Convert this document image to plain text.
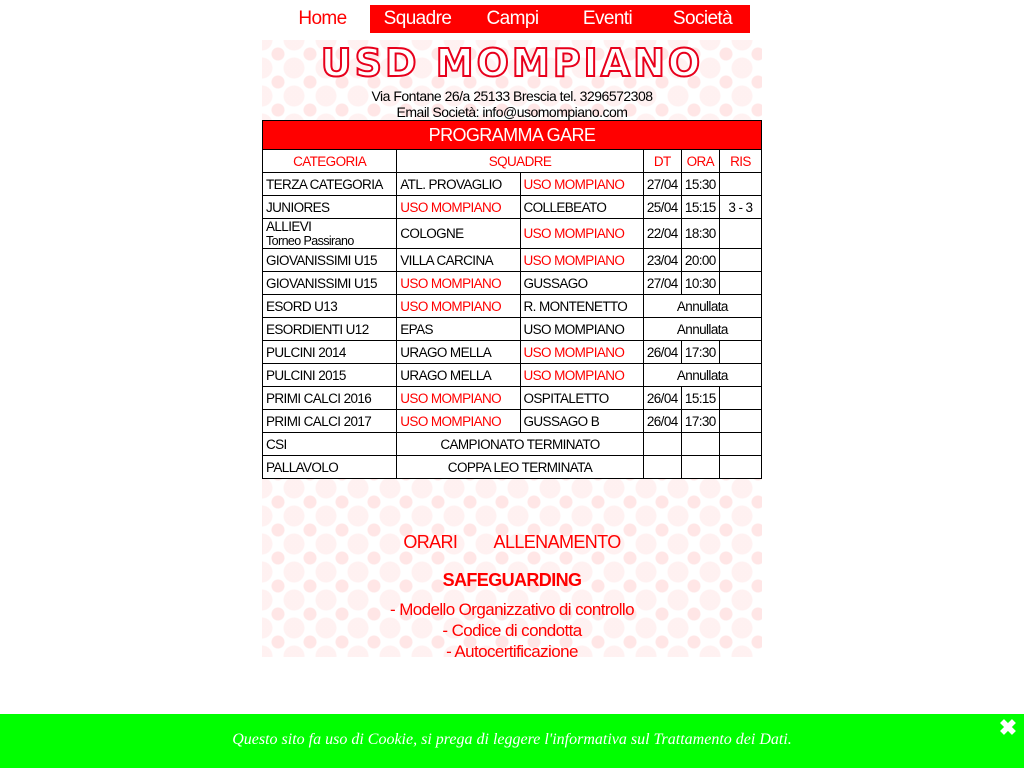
Home	Squadre	Campi	Eventi	Società
USD MOMPIANO
Via Fontane 26/a 25133 Brescia tel. 3296572308
Email Società: info@usomompiano.com
PROGRAMMA GARE					
CATEGORIA	SQUADRE		DT	ORA	RIS
TERZA CATEGORIA	ATL. PROVAGLIO	USO MOMPIANO	27/04	15:30	
JUNIORES	USO MOMPIANO	COLLEBEATO	25/04	15:15	3 - 3

ALLIEVI
Torneo Passirano	COLOGNE	USO MOMPIANO	22/04	18:30	
GIOVANISSIMI U15	VILLA CARCINA	USO MOMPIANO	23/04	20:00	
GIOVANISSIMI U15	USO MOMPIANO	GUSSAGO	27/04	10:30	
ESORD U13	USO MOMPIANO	R. MONTENETTO	Annullata		
ESORDIENTI U12	EPAS	USO MOMPIANO	Annullata		
PULCINI 2014	URAGO MELLA	USO MOMPIANO	26/04	17:30	
PULCINI 2015	URAGO MELLA	USO MOMPIANO	Annullata		
PRIMI CALCI 2016	USO MOMPIANO	OSPITALETTO	26/04	15:15	
PRIMI CALCI 2017	USO MOMPIANO	GUSSAGO B	26/04	17:30	
CSI	CAMPIONATO TERMINATO				
PALLAVOLO	COPPA LEO TERMINATA				
ORARI   ALLENAMENTO
SAFEGUARDING
- Modello Organizzativo di controllo
- Codice di condotta
- Autocertificazione
Questo sito fa uso di Cookie, si prega di leggere l'informativa sul Trattamento dei Dati.	✖
